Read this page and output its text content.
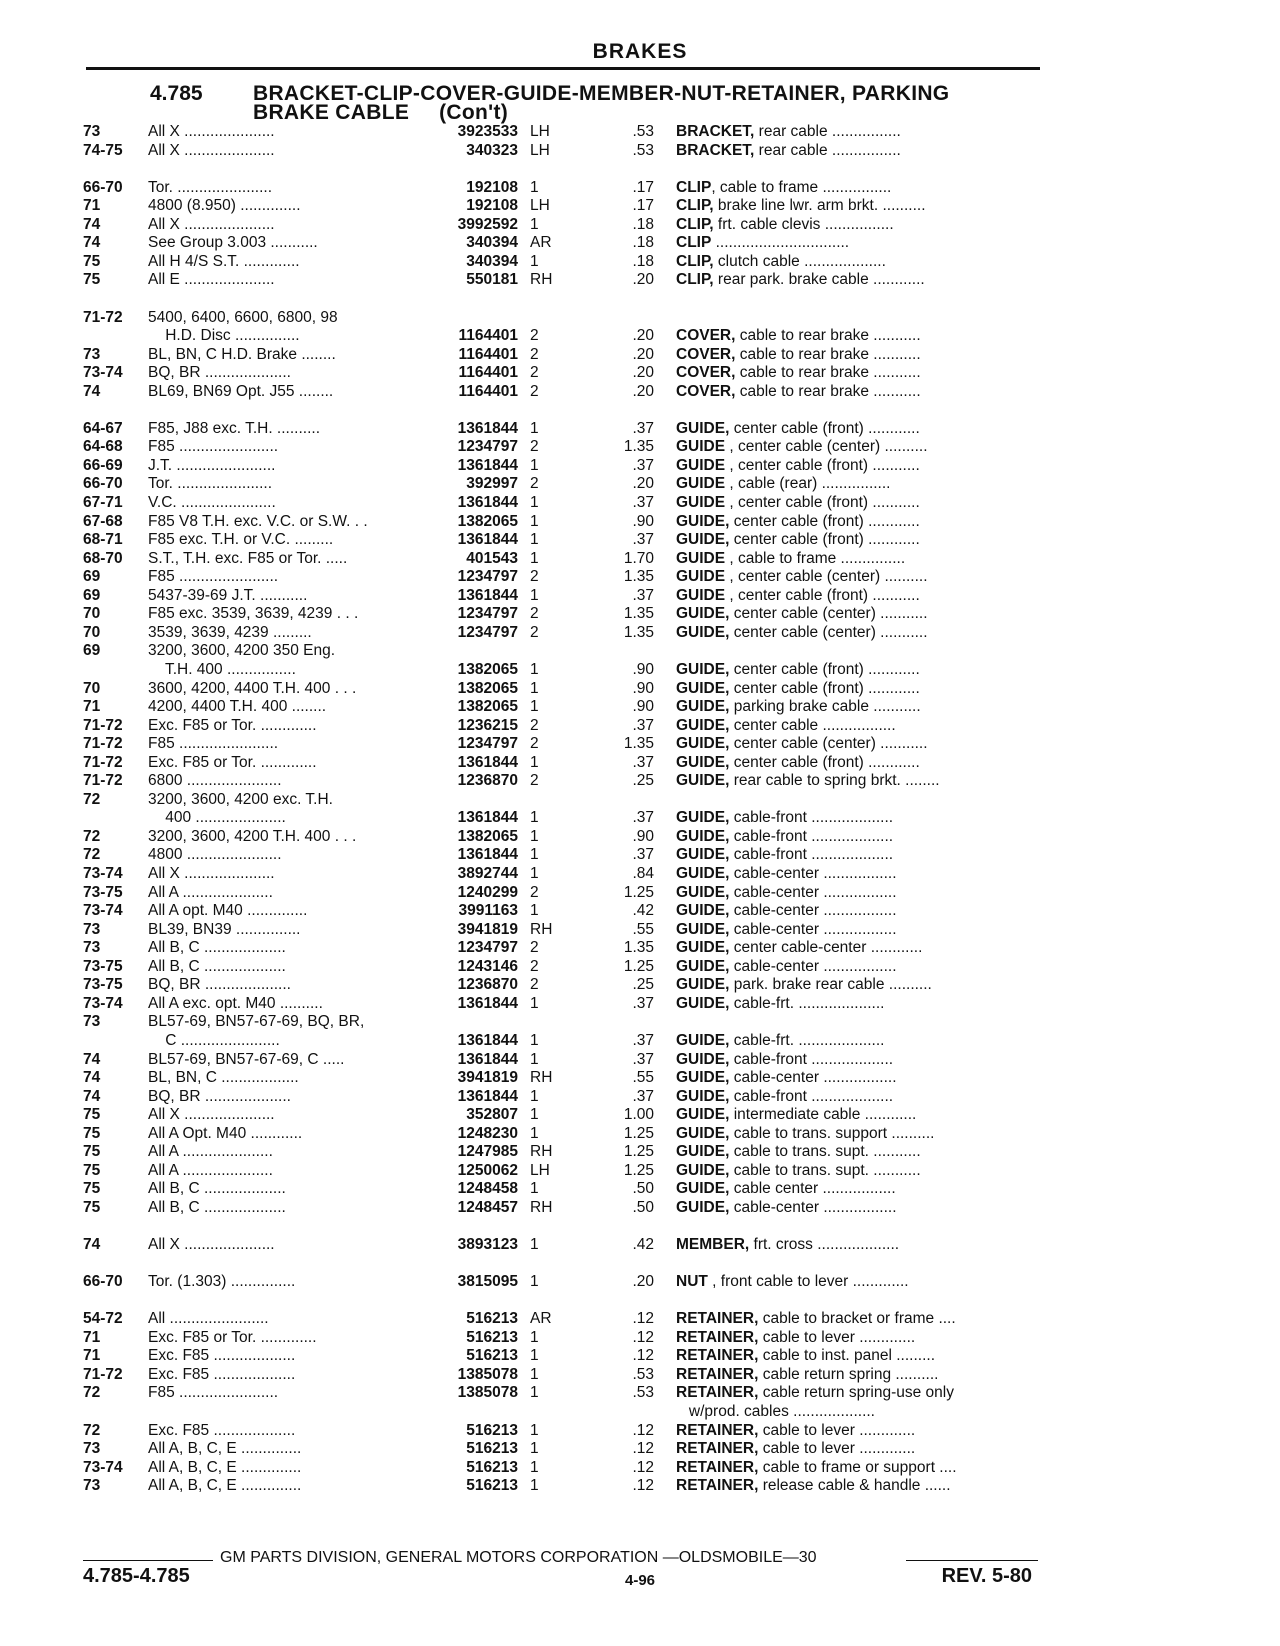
BRAKES
4.785 BRACKET-CLIP-COVER-GUIDE-MEMBER-NUT-RETAINER, PARKING
BRAKE CABLE (Con't)
73	All X .....................	3923533 LH	.53 BRACKET, rear cable ................
74-75	All X .....................	340323 LH	.53 BRACKET, rear cable ................
66-70	Tor. ......................	192108 1	.17 CLIP, cable to frame ................
71	4800 (8.950) ..............	192108 LH	.17 CLIP, brake line lwr. arm brkt. ..........
74	All X .....................	3992592 1	.18 CLIP, frt. cable clevis ................
74	See Group 3.003 ...........	340394 AR	.18 CLIP ...............................
75	All H 4/S S.T. .............	340394 1	.18 CLIP, clutch cable ...................
75	All E .....................	550181 RH	.20 CLIP, rear park. brake cable ............
71-72	5400, 6400, 6600, 6800, 98
H.D. Disc ...............	1164401 2	.20 COVER, cable to rear brake ...........
73	BL, BN, C H.D. Brake ........	1164401 2	.20 COVER, cable to rear brake ...........
73-74	BQ, BR ....................	1164401 2	.20 COVER, cable to rear brake ...........
74	BL69, BN69 Opt. J55 ........	1164401 2	.20 COVER, cable to rear brake ...........
64-67	F85, J88 exc. T.H. ..........	1361844 1	.37 GUIDE, center cable (front) ............
64-68	F85 .......................	1234797 2	1.35 GUIDE , center cable (center) ..........
66-69	J.T. .......................	1361844 1	.37 GUIDE , center cable (front) ...........
66-70	Tor. ......................	392997 2	.20 GUIDE , cable (rear) ................
67-71	V.C. ......................	1361844 1	.37 GUIDE , center cable (front) ...........
67-68	F85 V8 T.H. exc. V.C. or S.W. . .	1382065 1	.90 GUIDE, center cable (front) ............
68-71	F85 exc. T.H. or V.C. .........	1361844 1	.37 GUIDE, center cable (front) ............
68-70	S.T., T.H. exc. F85 or Tor. .....	401543 1	1.70 GUIDE , cable to frame ...............
69	F85 .......................	1234797 2	1.35 GUIDE , center cable (center) ..........
69	5437-39-69 J.T. ...........	1361844 1	.37 GUIDE , center cable (front) ...........
70	F85 exc. 3539, 3639, 4239 . . .	1234797 2	1.35 GUIDE, center cable (center) ...........
70	3539, 3639, 4239 .........	1234797 2	1.35 GUIDE, center cable (center) ...........
69	3200, 3600, 4200 350 Eng.
T.H. 400 ................	1382065 1	.90 GUIDE, center cable (front) ............
70	3600, 4200, 4400 T.H. 400 . . .	1382065 1	.90 GUIDE, center cable (front) ............
71	4200, 4400 T.H. 400 ........	1382065 1	.90 GUIDE, parking brake cable ...........
71-72	Exc. F85 or Tor. .............	1236215 2	.37 GUIDE, center cable .................
71-72	F85 .......................	1234797 2	1.35 GUIDE, center cable (center) ...........
71-72	Exc. F85 or Tor. .............	1361844 1	.37 GUIDE, center cable (front) ............
71-72	6800 ......................	1236870 2	.25 GUIDE, rear cable to spring brkt. ........
72	3200, 3600, 4200 exc. T.H.
400 .....................	1361844 1	.37 GUIDE, cable-front ...................
72	3200, 3600, 4200 T.H. 400 . . .	1382065 1	.90 GUIDE, cable-front ...................
72	4800 ......................	1361844 1	.37 GUIDE, cable-front ...................
73-74	All X .....................	3892744 1	.84 GUIDE, cable-center .................
73-75	All A .....................	1240299 2	1.25 GUIDE, cable-center .................
73-74	All A opt. M40 ..............	3991163 1	.42 GUIDE, cable-center .................
73	BL39, BN39 ...............	3941819 RH	.55 GUIDE, cable-center .................
73	All B, C ...................	1234797 2	1.35 GUIDE, center cable-center ............
73-75	All B, C ...................	1243146 2	1.25 GUIDE, cable-center .................
73-75	BQ, BR ....................	1236870 2	.25 GUIDE, park. brake rear cable ..........
73-74	All A exc. opt. M40 ..........	1361844 1	.37 GUIDE, cable-frt. ....................
73	BL57-69, BN57-67-69, BQ, BR,
C .......................	1361844 1	.37 GUIDE, cable-frt. ....................
74	BL57-69, BN57-67-69, C .....	1361844 1	.37 GUIDE, cable-front ...................
74	BL, BN, C ..................	3941819 RH	.55 GUIDE, cable-center .................
74	BQ, BR ....................	1361844 1	.37 GUIDE, cable-front ...................
75	All X .....................	352807 1	1.00 GUIDE, intermediate cable ............
75	All A Opt. M40 ............	1248230 1	1.25 GUIDE, cable to trans. support ..........
75	All A .....................	1247985 RH	1.25 GUIDE, cable to trans. supt. ...........
75	All A .....................	1250062 LH	1.25 GUIDE, cable to trans. supt. ...........
75	All B, C ...................	1248458 1	.50 GUIDE, cable center .................
75	All B, C ...................	1248457 RH	.50 GUIDE, cable-center .................
74	All X .....................	3893123 1	.42 MEMBER, frt. cross ...................
66-70	Tor. (1.303) ...............	3815095 1	.20 NUT , front cable to lever .............
54-72	All .......................	516213 AR	.12 RETAINER, cable to bracket or frame ....
71	Exc. F85 or Tor. .............	516213 1	.12 RETAINER, cable to lever .............
71	Exc. F85 ...................	516213 1	.12 RETAINER, cable to inst. panel .........
71-72	Exc. F85 ...................	1385078 1	.53 RETAINER, cable return spring ..........
72	F85 .......................	1385078 1	.53 RETAINER, cable return spring-use only
w/prod. cables ...................
72	Exc. F85 ...................	516213 1	.12 RETAINER, cable to lever .............
73	All A, B, C, E ..............	516213 1	.12 RETAINER, cable to lever .............
73-74	All A, B, C, E ..............	516213 1	.12 RETAINER, cable to frame or support ....
73	All A, B, C, E ..............	516213 1	.12 RETAINER, release cable & handle ......
GM PARTS DIVISION, GENERAL MOTORS CORPORATION —OLDSMOBILE—30
4.785-4.785	4-96	REV. 5-80
